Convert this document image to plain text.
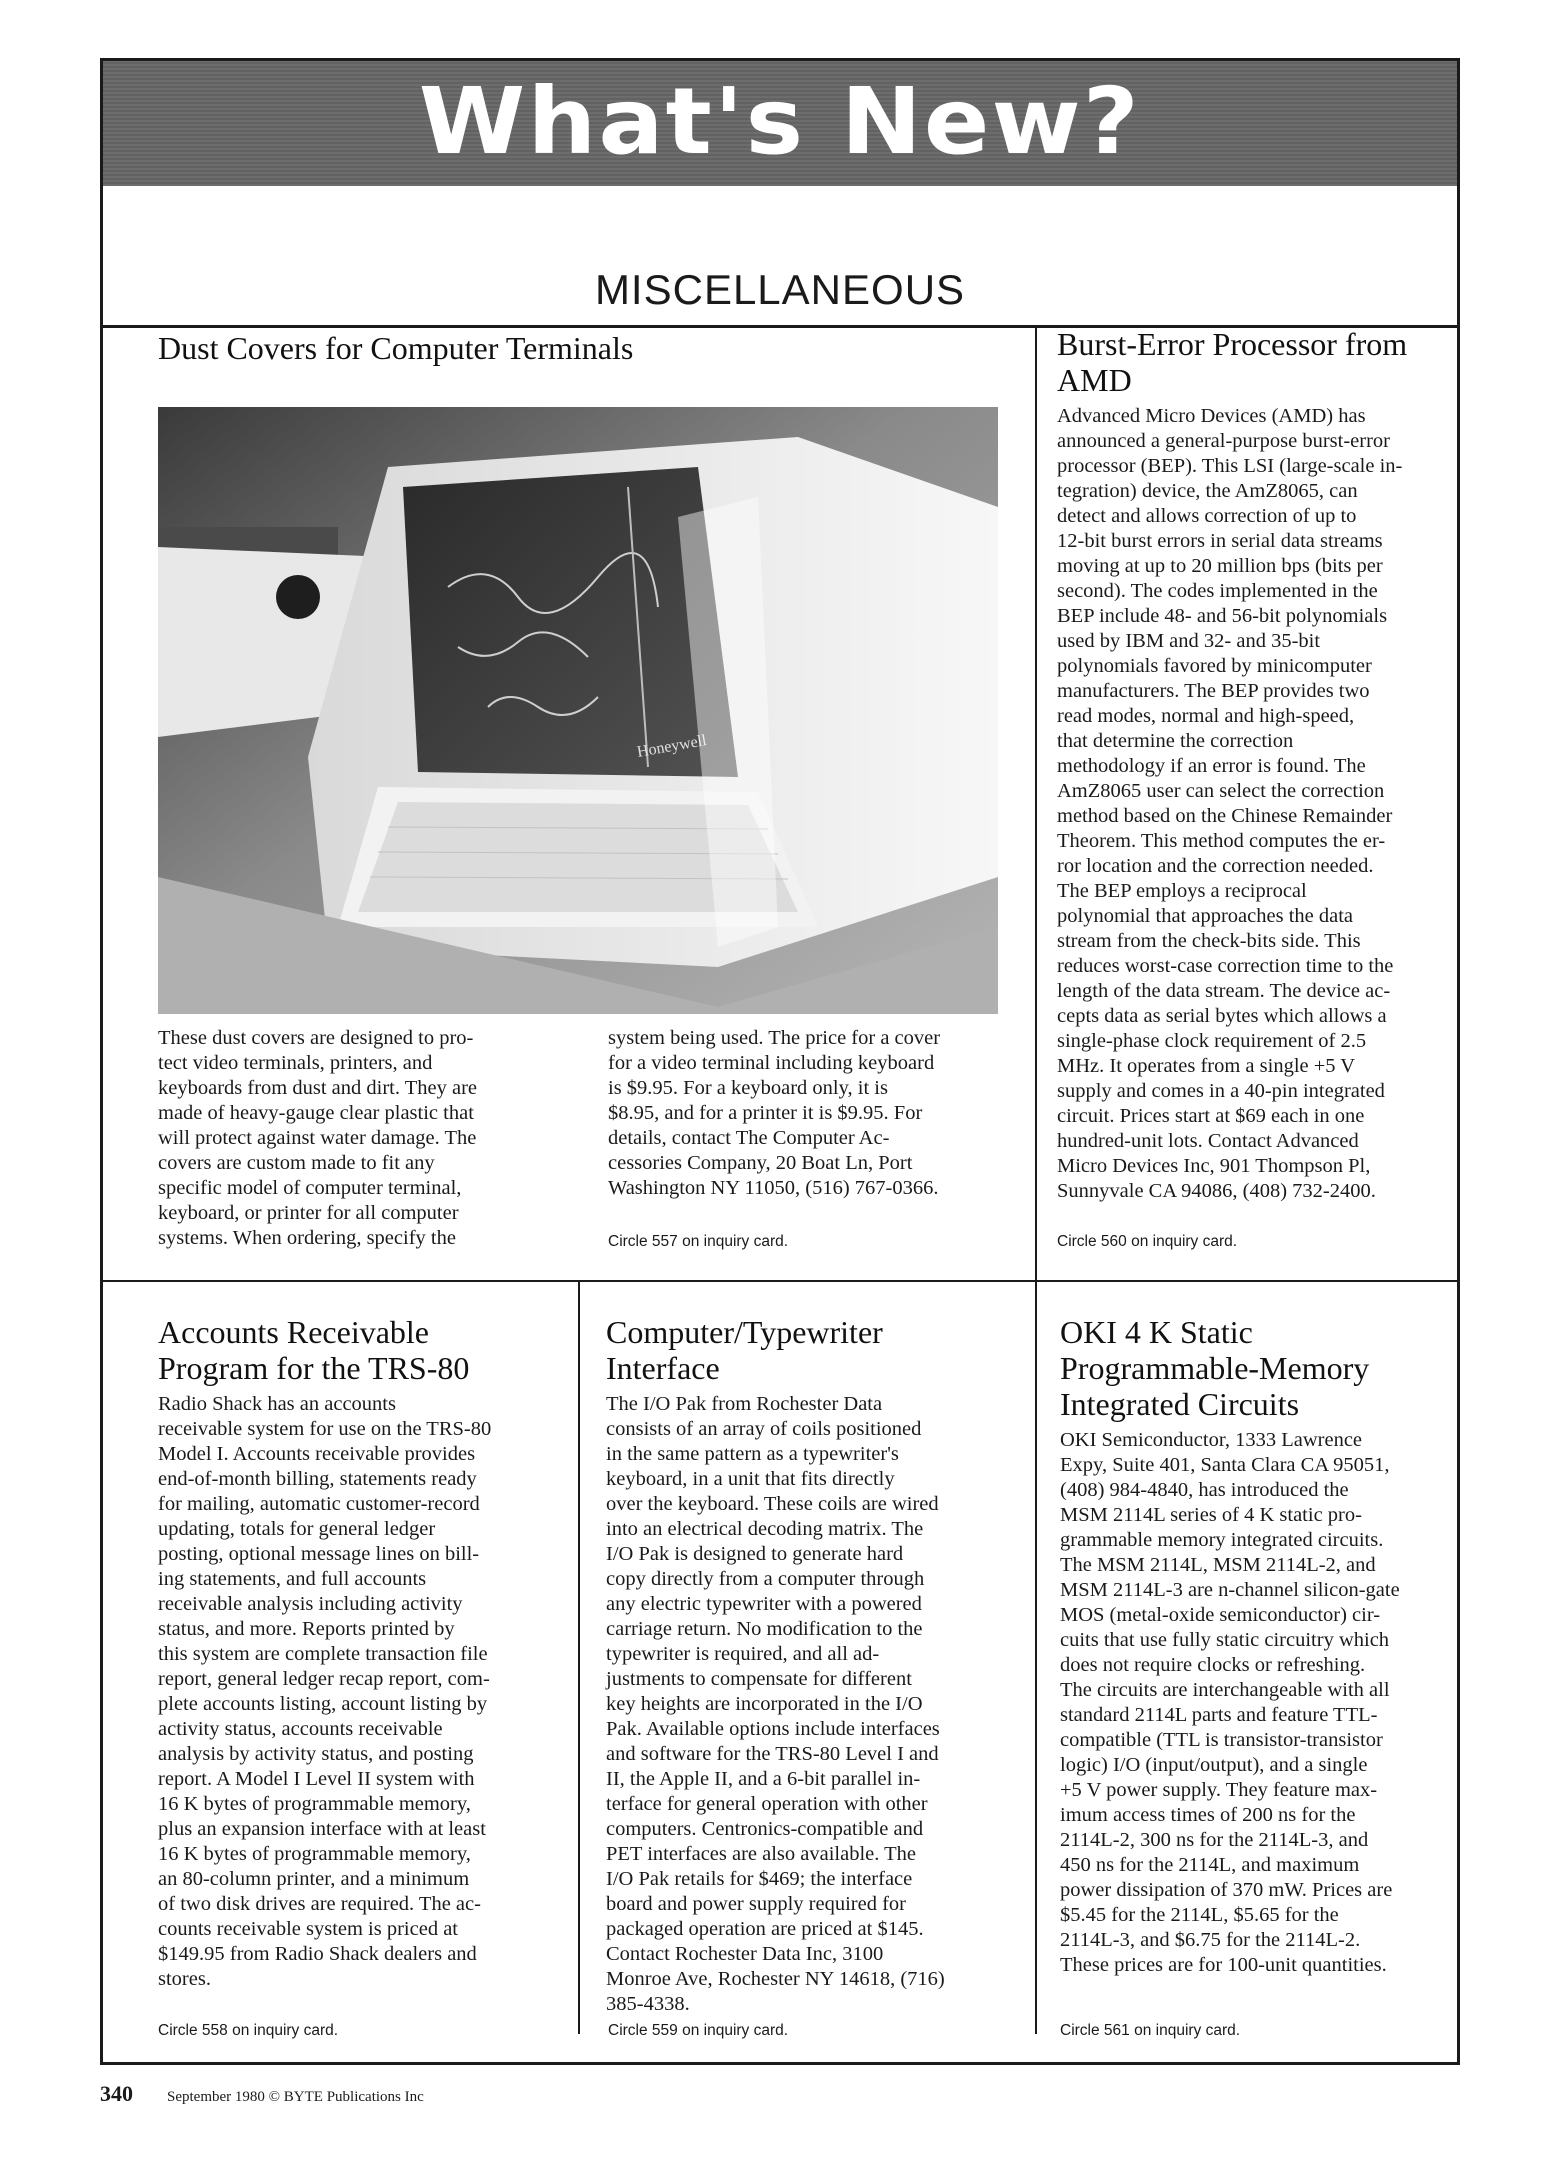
What's New?
MISCELLANEOUS
Dust Covers for Computer Terminals
Honeywell

These dust covers are designed to pro-
tect video terminals, printers, and
keyboards from dust and dirt. They are
made of heavy-gauge clear plastic that
will protect against water damage. The
covers are custom made to fit any
specific model of computer terminal,
keyboard, or printer for all computer
systems. When ordering, specify the

system being used. The price for a cover
for a video terminal including keyboard
is $9.95. For a keyboard only, it is
$8.95, and for a printer it is $9.95. For
details, contact The Computer Ac-
cessories Company, 20 Boat Ln, Port
Washington NY 11050, (516) 767-0366.

Circle 557 on inquiry card.
Burst-Error Processor from
AMD

Advanced Micro Devices (AMD) has
announced a general-purpose burst-error
processor (BEP). This LSI (large-scale in-
tegration) device, the AmZ8065, can
detect and allows correction of up to
12-bit burst errors in serial data streams
moving at up to 20 million bps (bits per
second). The codes implemented in the
BEP include 48- and 56-bit polynomials
used by IBM and 32- and 35-bit
polynomials favored by minicomputer
manufacturers. The BEP provides two
read modes, normal and high-speed,
that determine the correction
methodology if an error is found. The
AmZ8065 user can select the correction
method based on the Chinese Remainder
Theorem. This method computes the er-
ror location and the correction needed.
The BEP employs a reciprocal
polynomial that approaches the data
stream from the check-bits side. This
reduces worst-case correction time to the
length of the data stream. The device ac-
cepts data as serial bytes which allows a
single-phase clock requirement of 2.5
MHz. It operates from a single +5 V
supply and comes in a 40-pin integrated
circuit. Prices start at $69 each in one
hundred-unit lots. Contact Advanced
Micro Devices Inc, 901 Thompson Pl,
Sunnyvale CA 94086, (408) 732-2400.

Circle 560 on inquiry card.
Accounts Receivable
Program for the TRS-80

Radio Shack has an accounts
receivable system for use on the TRS-80
Model I. Accounts receivable provides
end-of-month billing, statements ready
for mailing, automatic customer-record
updating, totals for general ledger
posting, optional message lines on bill-
ing statements, and full accounts
receivable analysis including activity
status, and more. Reports printed by
this system are complete transaction file
report, general ledger recap report, com-
plete accounts listing, account listing by
activity status, accounts receivable
analysis by activity status, and posting
report. A Model I Level II system with
16 K bytes of programmable memory,
plus an expansion interface with at least
16 K bytes of programmable memory,
an 80-column printer, and a minimum
of two disk drives are required. The ac-
counts receivable system is priced at
$149.95 from Radio Shack dealers and
stores.

Circle 558 on inquiry card.
Computer/Typewriter
Interface

The I/O Pak from Rochester Data
consists of an array of coils positioned
in the same pattern as a typewriter's
keyboard, in a unit that fits directly
over the keyboard. These coils are wired
into an electrical decoding matrix. The
I/O Pak is designed to generate hard
copy directly from a computer through
any electric typewriter with a powered
carriage return. No modification to the
typewriter is required, and all ad-
justments to compensate for different
key heights are incorporated in the I/O
Pak. Available options include interfaces
and software for the TRS-80 Level I and
II, the Apple II, and a 6-bit parallel in-
terface for general operation with other
computers. Centronics-compatible and
PET interfaces are also available. The
I/O Pak retails for $469; the interface
board and power supply required for
packaged operation are priced at $145.
Contact Rochester Data Inc, 3100
Monroe Ave, Rochester NY 14618, (716)
385-4338.

Circle 559 on inquiry card.
OKI 4 K Static
Programmable-Memory
Integrated Circuits

OKI Semiconductor, 1333 Lawrence
Expy, Suite 401, Santa Clara CA 95051,
(408) 984-4840, has introduced the
MSM 2114L series of 4 K static pro-
grammable memory integrated circuits.
The MSM 2114L, MSM 2114L-2, and
MSM 2114L-3 are n-channel silicon-gate
MOS (metal-oxide semiconductor) cir-
cuits that use fully static circuitry which
does not require clocks or refreshing.
The circuits are interchangeable with all
standard 2114L parts and feature TTL-
compatible (TTL is transistor-transistor
logic) I/O (input/output), and a single
+5 V power supply. They feature max-
imum access times of 200 ns for the
2114L-2, 300 ns for the 2114L-3, and
450 ns for the 2114L, and maximum
power dissipation of 370 mW. Prices are
$5.45 for the 2114L, $5.65 for the
2114L-3, and $6.75 for the 2114L-2.
These prices are for 100-unit quantities.

Circle 561 on inquiry card.
340 September 1980 © BYTE Publications Inc
